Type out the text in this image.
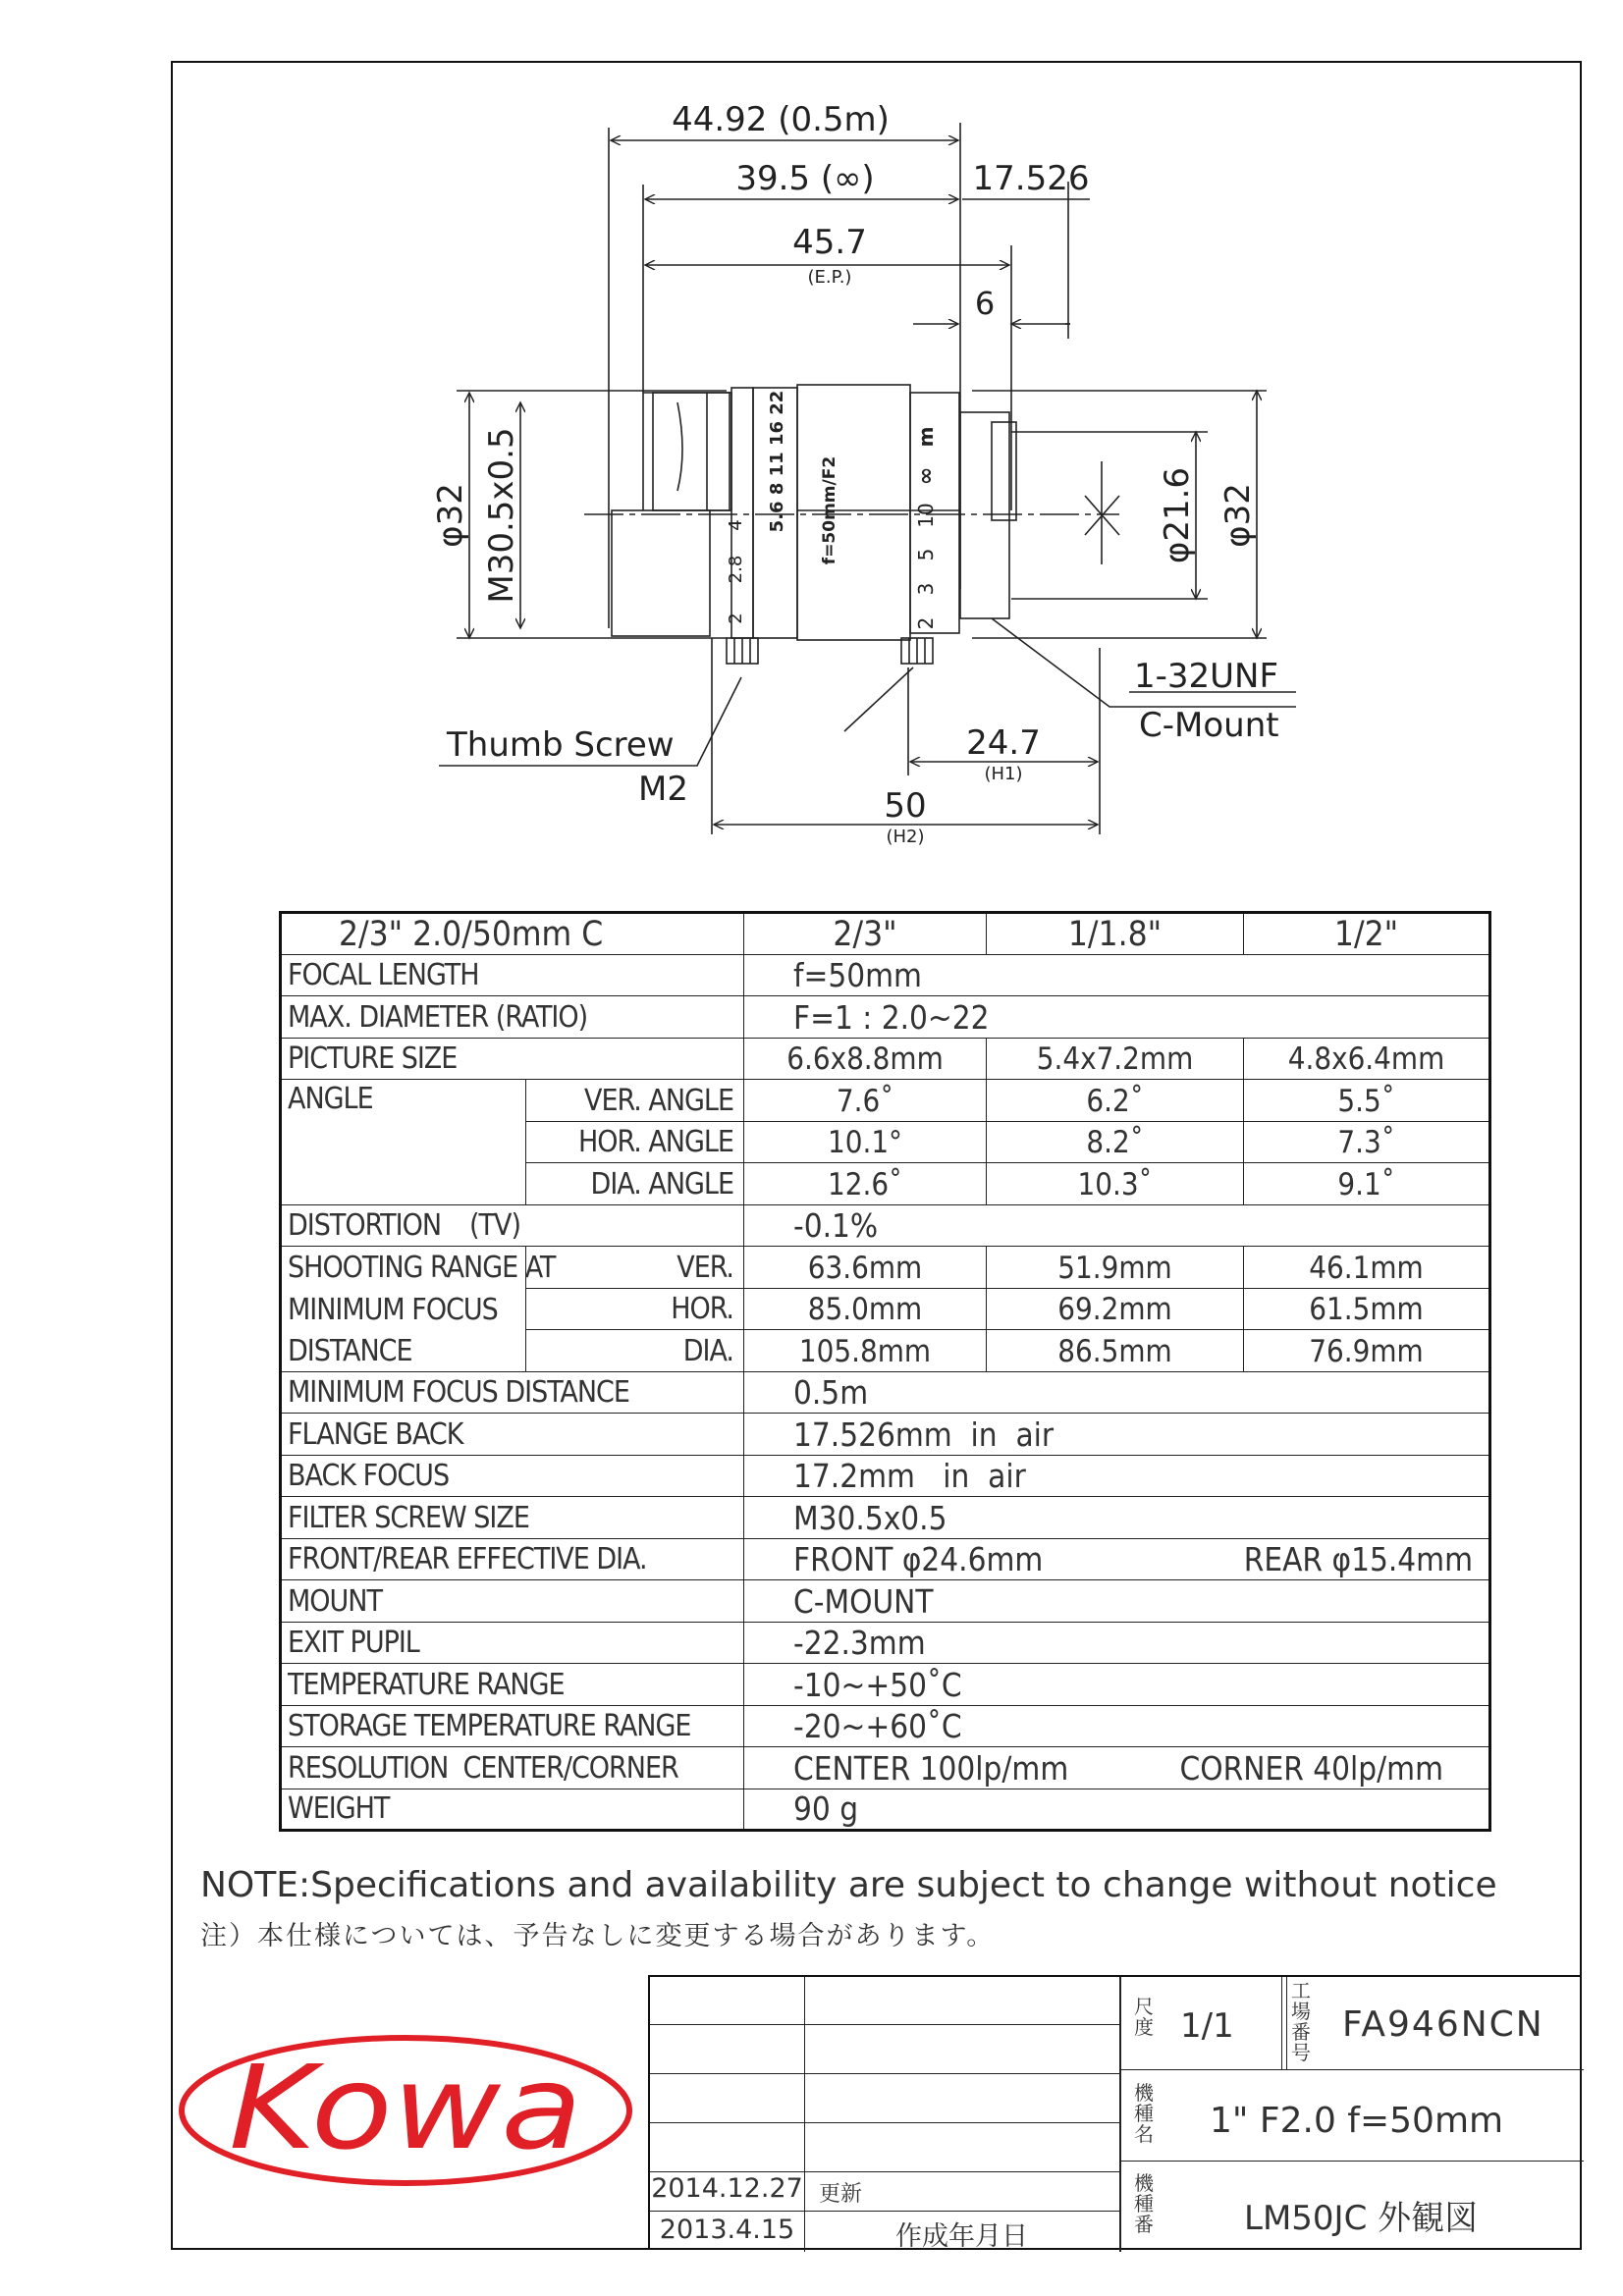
44.92 (0.5m)
39.5 (∞)	17.526
45.7
(E.P.)
6
φ32 M30.5x0.5	φ21.6 φ32
1-32UNF
C-Mount
Thumb Screw
M2
24.7
(H1)
50
(H2)
5.6 8 11 16 22 f=50mm/F2
m
∞
10
5
3
2
4
2.8
2
2/3" 2.0/50mm C		2/3"	1/1.8"	1/2"
FOCAL LENGTH		f=50mm		
MAX. DIAMETER (RATIO)		F=1 : 2.0~22		
PICTURE SIZE		6.6x8.8mm	5.4x7.2mm	4.8x6.4mm
ANGLE	VER. ANGLE	7.6˚	6.2˚	5.5˚
	HOR. ANGLE	10.1°	8.2˚	7.3˚
	DIA. ANGLE	12.6˚	10.3˚	9.1˚
DISTORTION　(TV)		-0.1%		
SHOOTING RANGE AT	VER.	63.6mm	51.9mm	46.1mm
MINIMUM FOCUS	HOR.	85.0mm	69.2mm	61.5mm
DISTANCE	DIA.	105.8mm	86.5mm	76.9mm
MINIMUM FOCUS DISTANCE		0.5m		
FLANGE BACK		17.526mm  in  air		
BACK FOCUS		17.2mm   in  air		
FILTER SCREW SIZE		M30.5x0.5		
FRONT/REAR EFFECTIVE DIA.		FRONT φ24.6mm REAR φ15.4mm		

MOUNT		C-MOUNT		
EXIT PUPIL		-22.3mm		
TEMPERATURE RANGE		-10~+50˚C		
STORAGE TEMPERATURE RANGE		-20~+60˚C		
RESOLUTION  CENTER/CORNER		CENTER 100lp/mm CORNER 40lp/mm		

WEIGHT		90 g		
NOTE:Specifications and availability are subject to change without notice
注）本仕様については、予告なしに変更する場合があります。
Kowa
2014.12.27 更新
2013.4.15	作成年月日
尺度 1/1
工場番号
FA946NCN
機種名 1" F2.0 f=50mm
機種番	LM50JC 外観図
